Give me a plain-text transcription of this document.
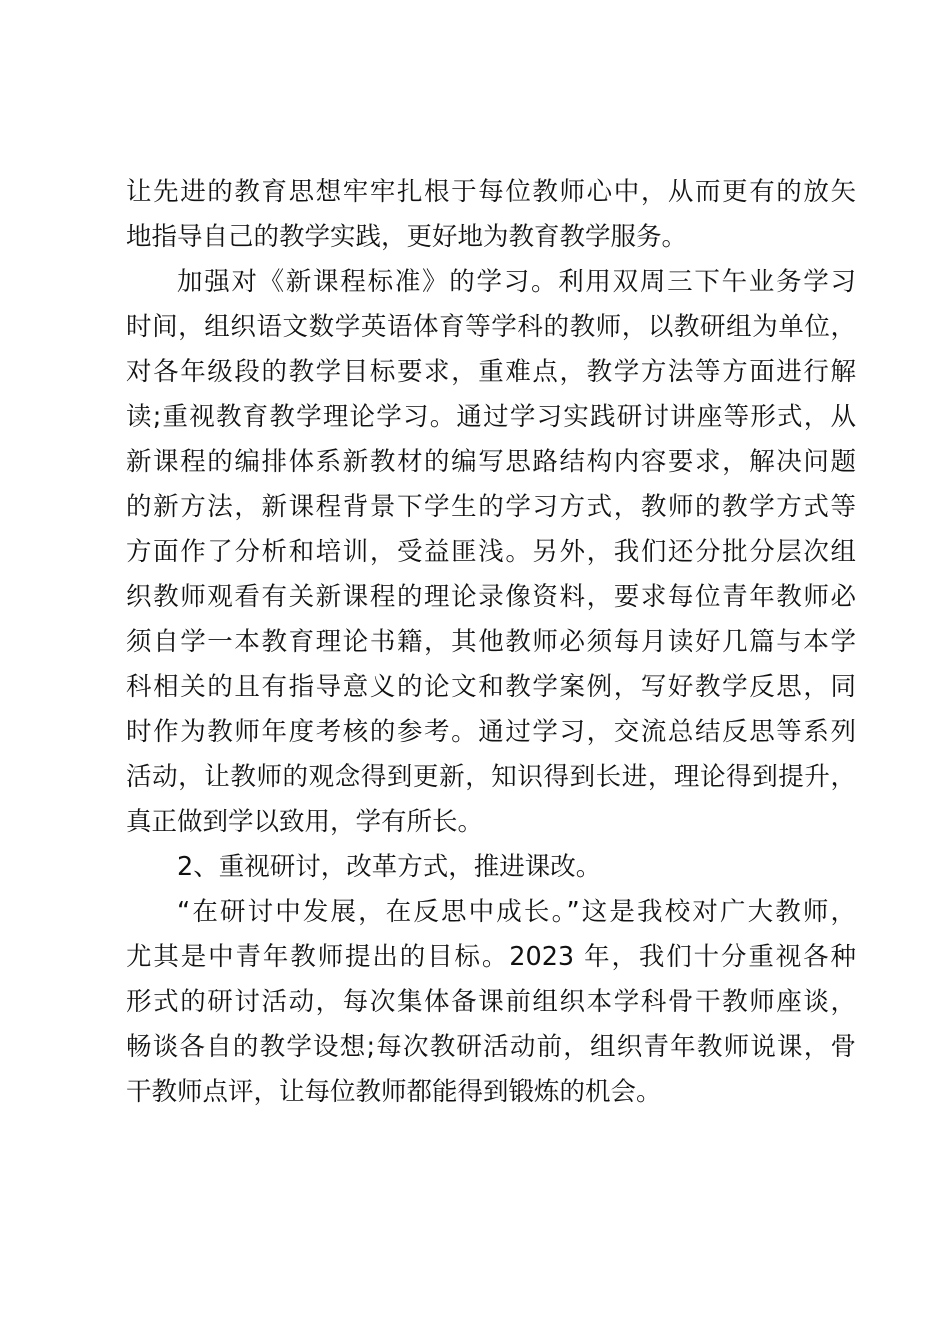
让先进的教育思想牢牢扎根于每位教师心中，从而更有的放矢
地指导自己的教学实践，更好地为教育教学服务。
加强对《新课程标准》的学习。利用双周三下午业务学习
时间，组织语文数学英语体育等学科的教师，以教研组为单位，
对各年级段的教学目标要求，重难点，教学方法等方面进行解
读;重视教育教学理论学习。通过学习实践研讨讲座等形式，从
新课程的编排体系新教材的编写思路结构内容要求，解决问题
的新方法，新课程背景下学生的学习方式，教师的教学方式等
方面作了分析和培训，受益匪浅。另外，我们还分批分层次组
织教师观看有关新课程的理论录像资料，要求每位青年教师必
须自学一本教育理论书籍，其他教师必须每月读好几篇与本学
科相关的且有指导意义的论文和教学案例，写好教学反思，同
时作为教师年度考核的参考。通过学习，交流总结反思等系列
活动，让教师的观念得到更新，知识得到长进，理论得到提升，
真正做到学以致用，学有所长。
2、重视研讨，改革方式，推进课改。
“在研讨中发展，在反思中成长。”这是我校对广大教师，
尤其是中青年教师提出的目标。2023 年，我们十分重视各种
形式的研讨活动，每次集体备课前组织本学科骨干教师座谈，
畅谈各自的教学设想;每次教研活动前，组织青年教师说课，骨
干教师点评，让每位教师都能得到锻炼的机会。
